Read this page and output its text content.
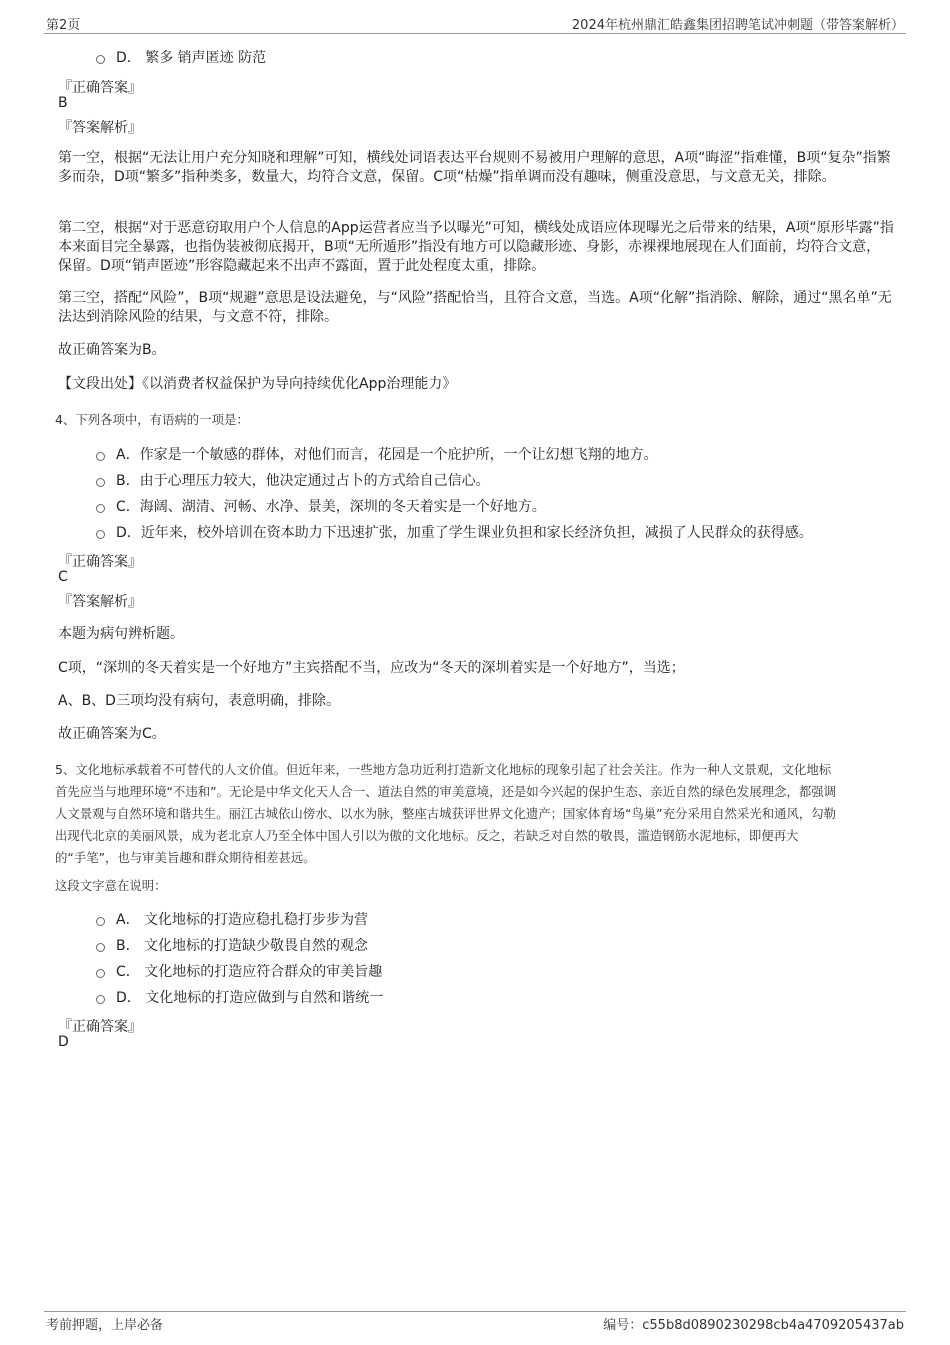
第2页	2024年杭州鼎汇皓鑫集团招聘笔试冲刺题（带答案解析）
D． 繁多 销声匿迹 防范
『正确答案』
B
『答案解析』
第一空，根据“无法让用户充分知晓和理解”可知，横线处词语表达平台规则不易被用户理解的意思，A项“晦涩”指难懂，B项“复杂”指繁多而杂，D项“繁多”指种类多，数量大，均符合文意，保留。C项“枯燥”指单调而没有趣味，侧重没意思，与文意无关，排除。
第二空，根据“对于恶意窃取用户个人信息的App运营者应当予以曝光”可知，横线处成语应体现曝光之后带来的结果，A项“原形毕露”指本来面目完全暴露，也指伪装被彻底揭开，B项“无所遁形”指没有地方可以隐藏形迹、身影，赤裸裸地展现在人们面前，均符合文意，保留。D项“销声匿迹”形容隐藏起来不出声不露面，置于此处程度太重，排除。
第三空，搭配“风险”，B项“规避”意思是设法避免，与“风险”搭配恰当，且符合文意，当选。A项“化解”指消除、解除，通过“黑名单”无法达到消除风险的结果，与文意不符，排除。
故正确答案为B。
【文段出处】《以消费者权益保护为导向持续优化App治理能力》
4、下列各项中，有语病的一项是：
A．作家是一个敏感的群体，对他们而言，花园是一个庇护所，一个让幻想飞翔的地方。
B．由于心理压力较大，他决定通过占卜的方式给自己信心。
C．海阔、湖清、河畅、水净、景美，深圳的冬天着实是一个好地方。
D．近年来，校外培训在资本助力下迅速扩张，加重了学生课业负担和家长经济负担，减损了人民群众的获得感。
『正确答案』
C
『答案解析』
本题为病句辨析题。
C项，“深圳的冬天着实是一个好地方”主宾搭配不当，应改为“冬天的深圳着实是一个好地方”，当选；
A、B、D三项均没有病句，表意明确，排除。
故正确答案为C。
5、文化地标承载着不可替代的人文价值。但近年来，一些地方急功近利打造新文化地标的现象引起了社会关注。作为一种人文景观，文化地标
首先应当与地理环境“不违和”。无论是中华文化天人合一、道法自然的审美意境，还是如今兴起的保护生态、亲近自然的绿色发展理念，都强调
人文景观与自然环境和谐共生。丽江古城依山傍水、以水为脉，整座古城获评世界文化遗产；国家体育场“鸟巢”充分采用自然采光和通风，勾勒
出现代北京的美丽风景，成为老北京人乃至全体中国人引以为傲的文化地标。反之，若缺乏对自然的敬畏，滥造钢筋水泥地标，即便再大
的“手笔”，也与审美旨趣和群众期待相差甚远。
这段文字意在说明：
A． 文化地标的打造应稳扎稳打步步为营
B． 文化地标的打造缺少敬畏自然的观念
C． 文化地标的打造应符合群众的审美旨趣
D． 文化地标的打造应做到与自然和谐统一
『正确答案』
D
考前押题，上岸必备	编号：c55b8d0890230298cb4a4709205437ab
